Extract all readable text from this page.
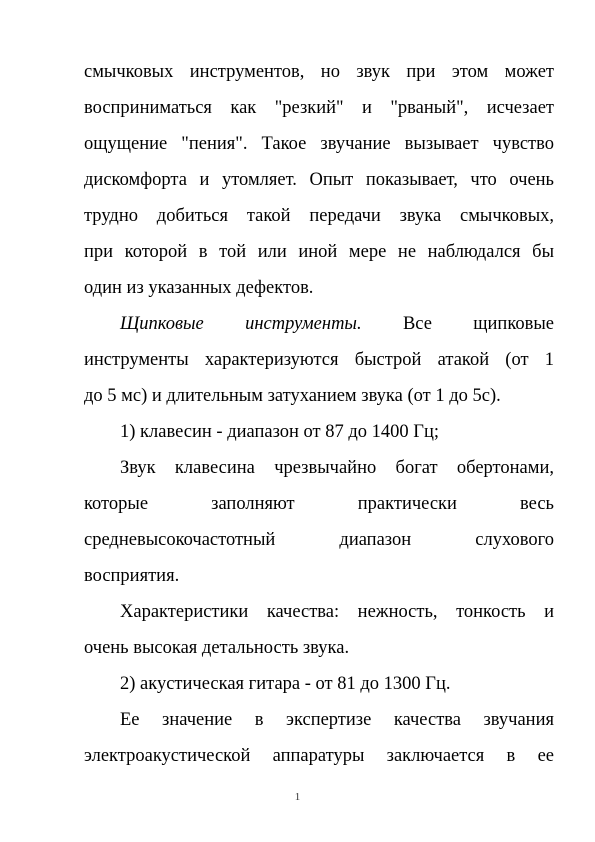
смычковых инструментов, но звук при этом может
восприниматься как "резкий" и "рваный", исчезает
ощущение "пения". Такое звучание вызывает чувство
дискомфорта и утомляет. Опыт показывает, что очень
трудно добиться такой передачи звука смычковых,
при которой в той или иной мере не наблюдался бы
один из указанных дефектов.
Щипковые инструменты. Все щипковые
инструменты характеризуются быстрой атакой (от 1
до 5 мс) и длительным затуханием звука (от 1 до 5с).
1) клавесин - диапазон от 87 до 1400 Гц;
Звук клавесина чрезвычайно богат обертонами,
которые заполняют практически весь
средневысокочастотный диапазон слухового
восприятия.
Характеристики качества: нежность, тонкость и
очень высокая детальность звука.
2) акустическая гитара - от 81 до 1300 Гц.
Ее значение в экспертизе качества звучания
электроакустической аппаратуры заключается в ее
1
